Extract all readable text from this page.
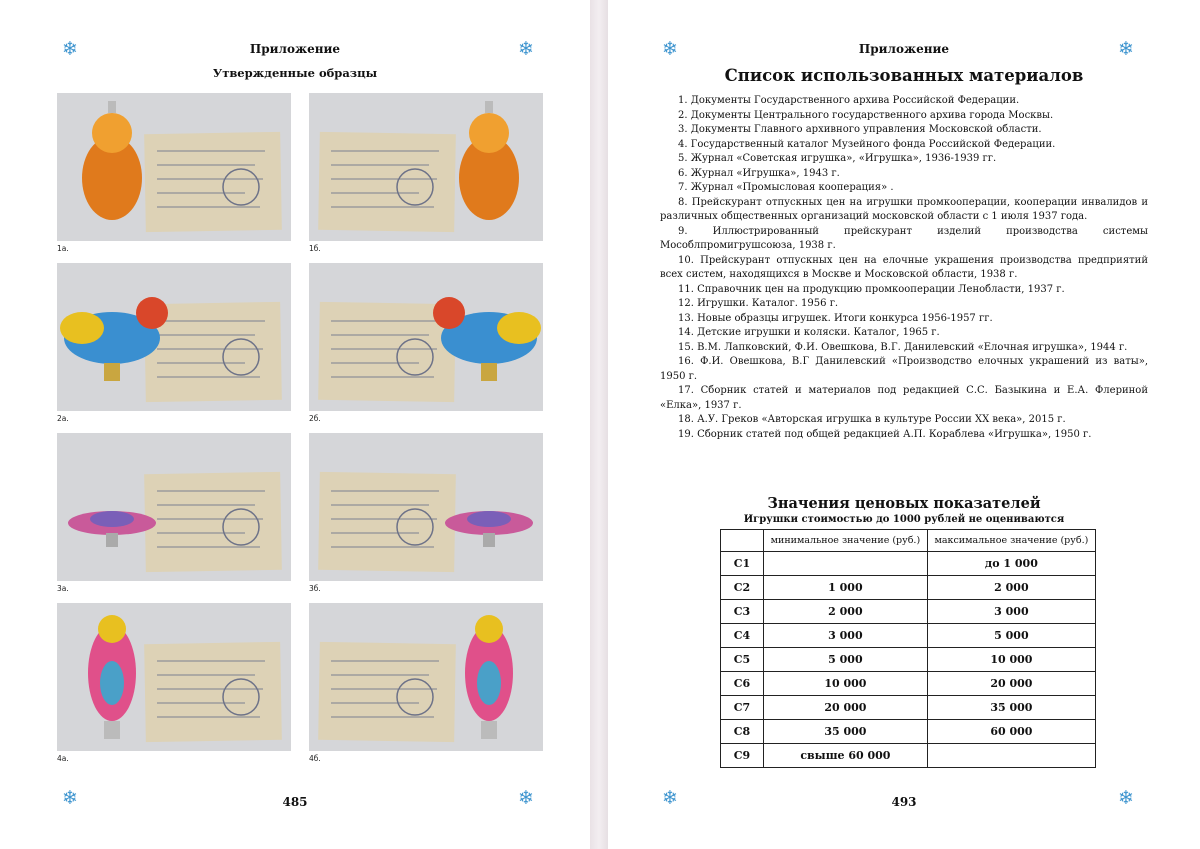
❄	❄
❄	❄
Приложение
Утвержденные образцы
1а.	1б.
2а.	2б.
3а.	3б.
4а.	4б.
485
❄	❄
❄	❄
Приложение
Список использованных материалов
1. Документы Государственного архива Российской Федерации.
2. Документы Центрального государственного архива города Москвы.
3. Документы Главного архивного управления Московской области.
4. Государственный каталог Музейного фонда Российской Федерации.
5. Журнал «Советская игрушка», «Игрушка», 1936-1939 гг.
6. Журнал «Игрушка», 1943 г.
7. Журнал «Промысловая кооперация» .
8. Прейскурант отпускных цен на игрушки промкооперации, кооперации инвалидов и различных общественных организаций московской области с 1 июля 1937 года.
9. Иллюстрированный прейскурант изделий производства системы Мособлпромигрушсоюза, 1938 г.
10. Прейскурант отпускных цен на елочные украшения производства предприятий всех систем, находящихся в Москве и Московской области, 1938 г.
11. Справочник цен на продукцию промкооперации Ленобласти, 1937 г.
12. Игрушки. Каталог. 1956 г.
13. Новые образцы игрушек. Итоги конкурса 1956-1957 гг.
14. Детские игрушки и коляски. Каталог, 1965 г.
15. В.М. Лапковский, Ф.И. Овешкова, В.Г. Данилевский «Елочная игрушка», 1944 г.
16. Ф.И. Овешкова, В.Г Данилевский «Производство елочных украшений из ваты», 1950 г.
17. Сборник статей и материалов под редакцией С.С. Базыкина и Е.А. Флериной «Елка», 1937 г.
18. А.У. Греков «Авторская игрушка в культуре России ХХ века», 2015 г.
19. Сборник статей под общей редакцией А.П. Кораблева «Игрушка», 1950 г.
Значения ценовых показателей
Игрушки стоимостью до 1000 рублей не оцениваются
	минимальное значение (руб.)	максимальное значение (руб.)
С1		до 1 000
С2	1 000	2 000
С3	2 000	3 000
С4	3 000	5 000
С5	5 000	10 000
С6	10 000	20 000
С7	20 000	35 000
С8	35 000	60 000
С9	свыше 60 000	
493
